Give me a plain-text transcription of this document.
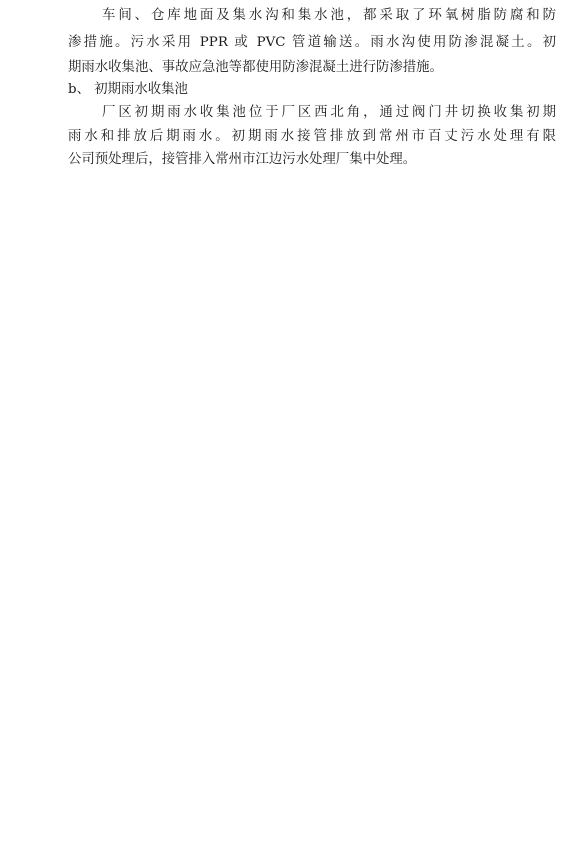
车间、仓库地面及集水沟和集水池，都采取了环氧树脂防腐和防
渗措施。污水采用 PPR 或 PVC 管道输送。雨水沟使用防渗混凝土。初
期雨水收集池、事故应急池等都使用防渗混凝土进行防渗措施。
b、 初期雨水收集池
厂区初期雨水收集池位于厂区西北角，通过阀门井切换收集初期
雨水和排放后期雨水。初期雨水接管排放到常州市百丈污水处理有限
公司预处理后，接管排入常州市江边污水处理厂集中处理。
